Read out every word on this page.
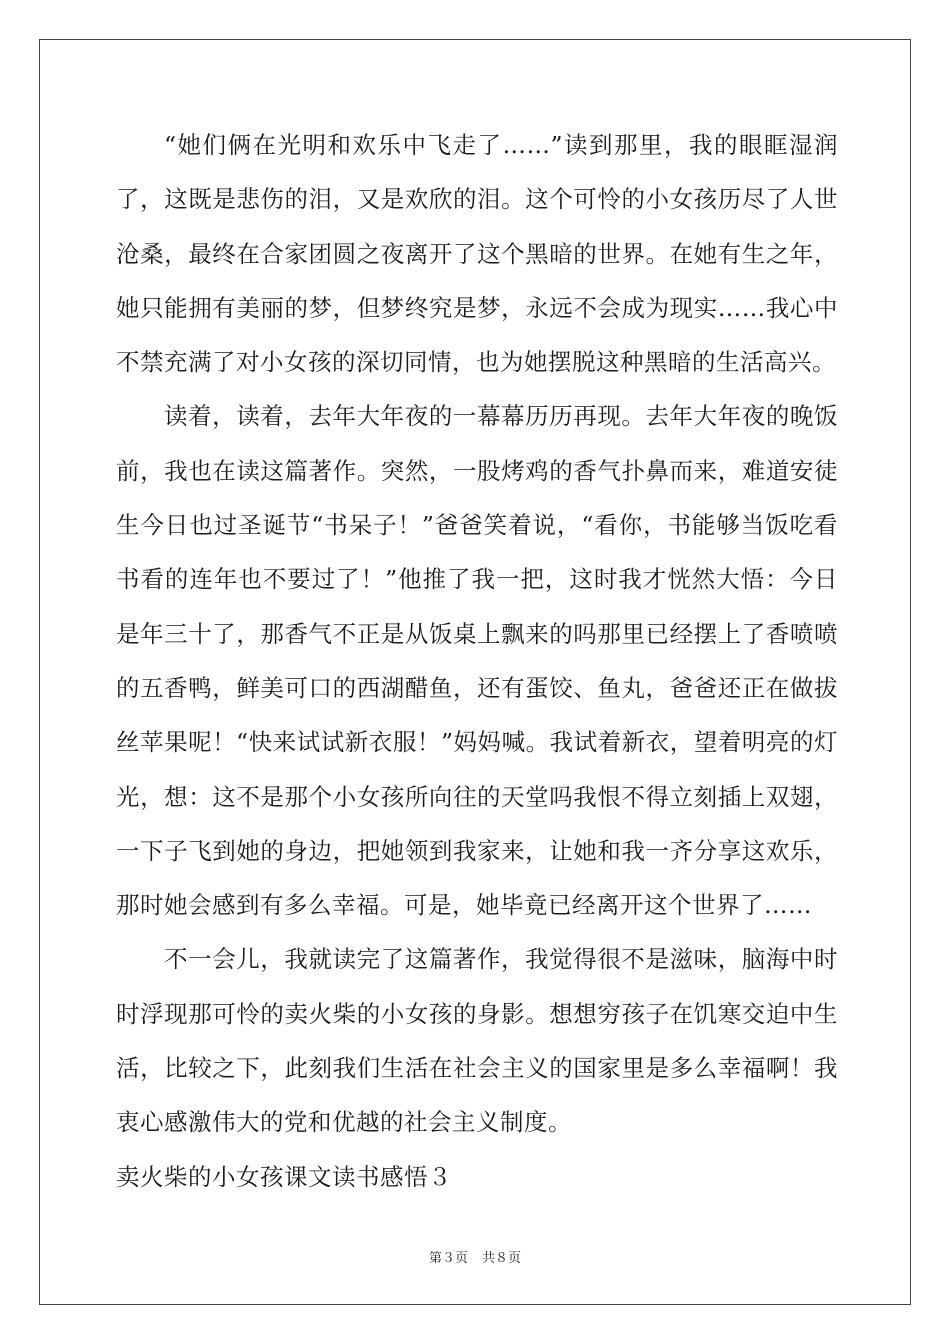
“她们俩在光明和欢乐中飞走了……”读到那里，我的眼眶湿润了，这既是悲伤的泪，又是欢欣的泪。这个可怜的小女孩历尽了人世沧桑，最终在合家团圆之夜离开了这个黑暗的世界。在她有生之年，她只能拥有美丽的梦，但梦终究是梦，永远不会成为现实……我心中不禁充满了对小女孩的深切同情，也为她摆脱这种黑暗的生活高兴。

读着，读着，去年大年夜的一幕幕历历再现。去年大年夜的晚饭前，我也在读这篇著作。突然，一股烤鸡的香气扑鼻而来，难道安徒生今日也过圣诞节“书呆子！”爸爸笑着说，“看你，书能够当饭吃看书看的连年也不要过了！”他推了我一把，这时我才恍然大悟：今日是年三十了，那香气不正是从饭桌上飘来的吗那里已经摆上了香喷喷的五香鸭，鲜美可口的西湖醋鱼，还有蛋饺、鱼丸，爸爸还正在做拔丝苹果呢！“快来试试新衣服！”妈妈喊。我试着新衣，望着明亮的灯光，想：这不是那个小女孩所向往的天堂吗我恨不得立刻插上双翅，一下子飞到她的身边，把她领到我家来，让她和我一齐分享这欢乐，那时她会感到有多么幸福。可是，她毕竟已经离开这个世界了……

不一会儿，我就读完了这篇著作，我觉得很不是滋味，脑海中时时浮现那可怜的卖火柴的小女孩的身影。想想穷孩子在饥寒交迫中生活，比较之下，此刻我们生活在社会主义的国家里是多么幸福啊！我衷心感激伟大的党和优越的社会主义制度。

卖火柴的小女孩课文读书感悟３

第３页 共８页
